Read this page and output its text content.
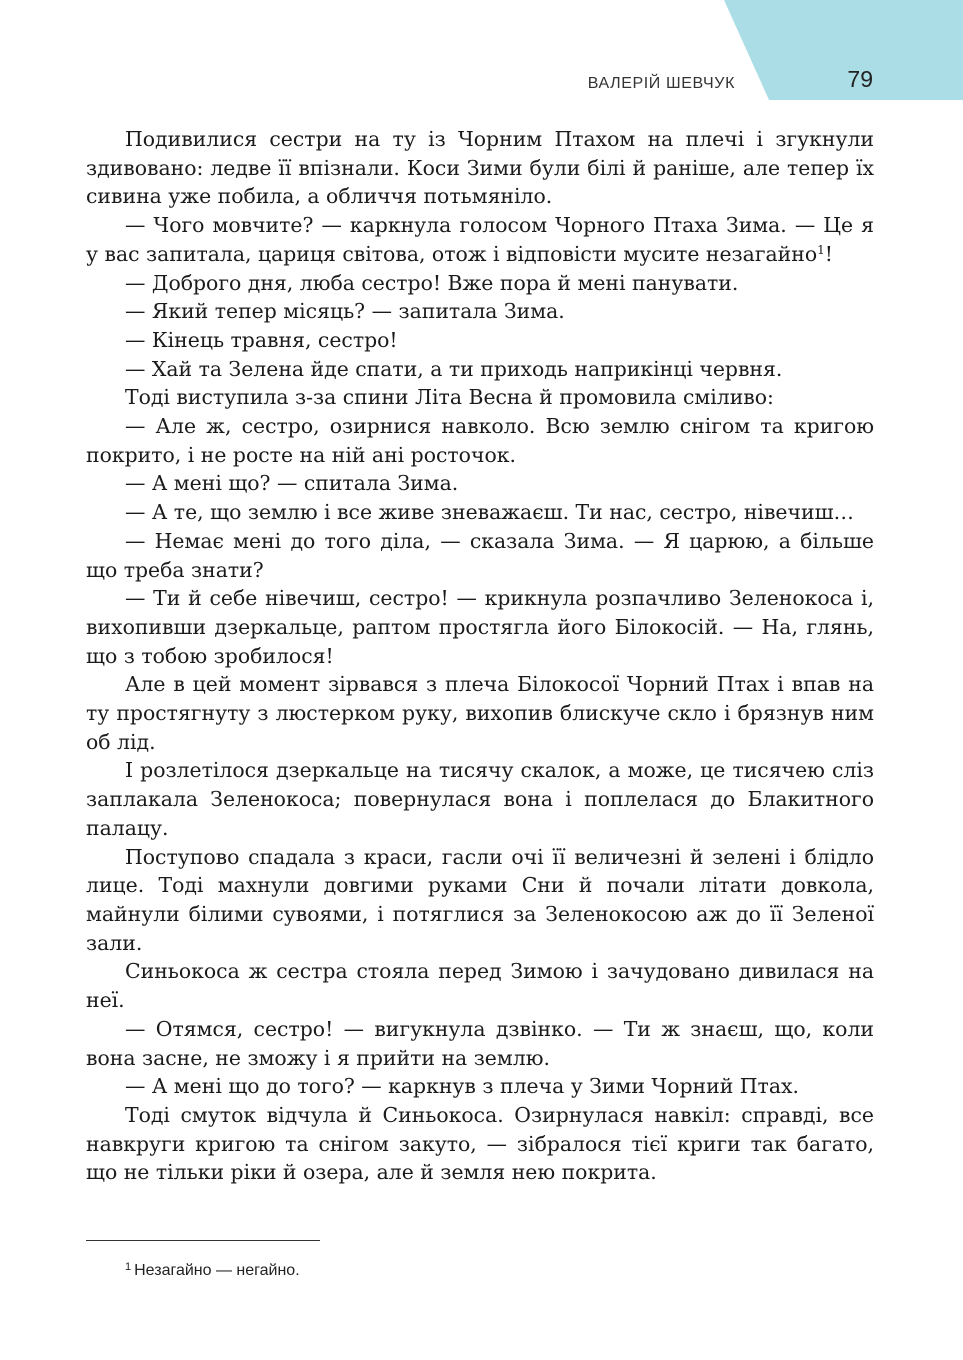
ВАЛЕРІЙ ШЕВЧУК	79

Подивилися сестри на ту із Чорним Птахом на плечі і згукнули здивовано: ледве її впізнали. Коси Зими були білі й раніше, але тепер їх сивина уже побила, а обличчя потьмяніло.

— Чого мовчите? — каркнула голосом Чорного Птаха Зима. — Це я у вас запитала, цариця світова, отож і відповісти мусите незагайно$^1$!

— Доброго дня, люба сестро! Вже пора й мені панувати.

— Який тепер місяць? — запитала Зима.

— Кінець травня, сестро!

— Хай та Зелена йде спати, а ти приходь наприкінці червня.

Тоді виступила з-за спини Літа Весна й промовила сміливо:

— Але ж, сестро, озирнися навколо. Всю землю снігом та кригою покрито, і не росте на ній ані росточок.

— А мені що? — спитала Зима.

— А те, що землю і все живе зневажаєш. Ти нас, сестро, нівечиш…

— Немає мені до того діла, — сказала Зима. — Я царюю, а більше що треба знати?

— Ти й себе нівечиш, сестро! — крикнула розпачливо Зеленокоса і, вихопивши дзеркальце, раптом простягла його Білокосій. — На, глянь, що з тобою зробилося!

Але в цей момент зірвався з плеча Білокосої Чорний Птах і впав на ту простягнуту з люстерком руку, вихопив блискуче скло і брязнув ним об лід.

І розлетілося дзеркальце на тисячу скалок, а може, це тисячею сліз заплакала Зеленокоса; повернулася вона і поплелася до Блакитного палацу.

Поступово спадала з краси, гасли очі її величезні й зелені і блідло лице. Тоді махнули довгими руками Сни й почали літати довкола, майнули білими сувоями, і потяглися за Зеленокосою аж до її Зеленої зали.

Синьокоса ж сестра стояла перед Зимою і зачудовано дивилася на неї.

— Отямся, сестро! — вигукнула дзвінко. — Ти ж знаєш, що, коли вона засне, не зможу і я прийти на землю.

— А мені що до того? — каркнув з плеча у Зими Чорний Птах.

Тоді смуток відчула й Синьокоса. Озирнулася навкіл: справді, все навкруги кригою та снігом закуто, — зібралося тієї криги так багато, що не тільки ріки й озера, але й земля нею покрита.

$^1$ Незагайно — негайно.
